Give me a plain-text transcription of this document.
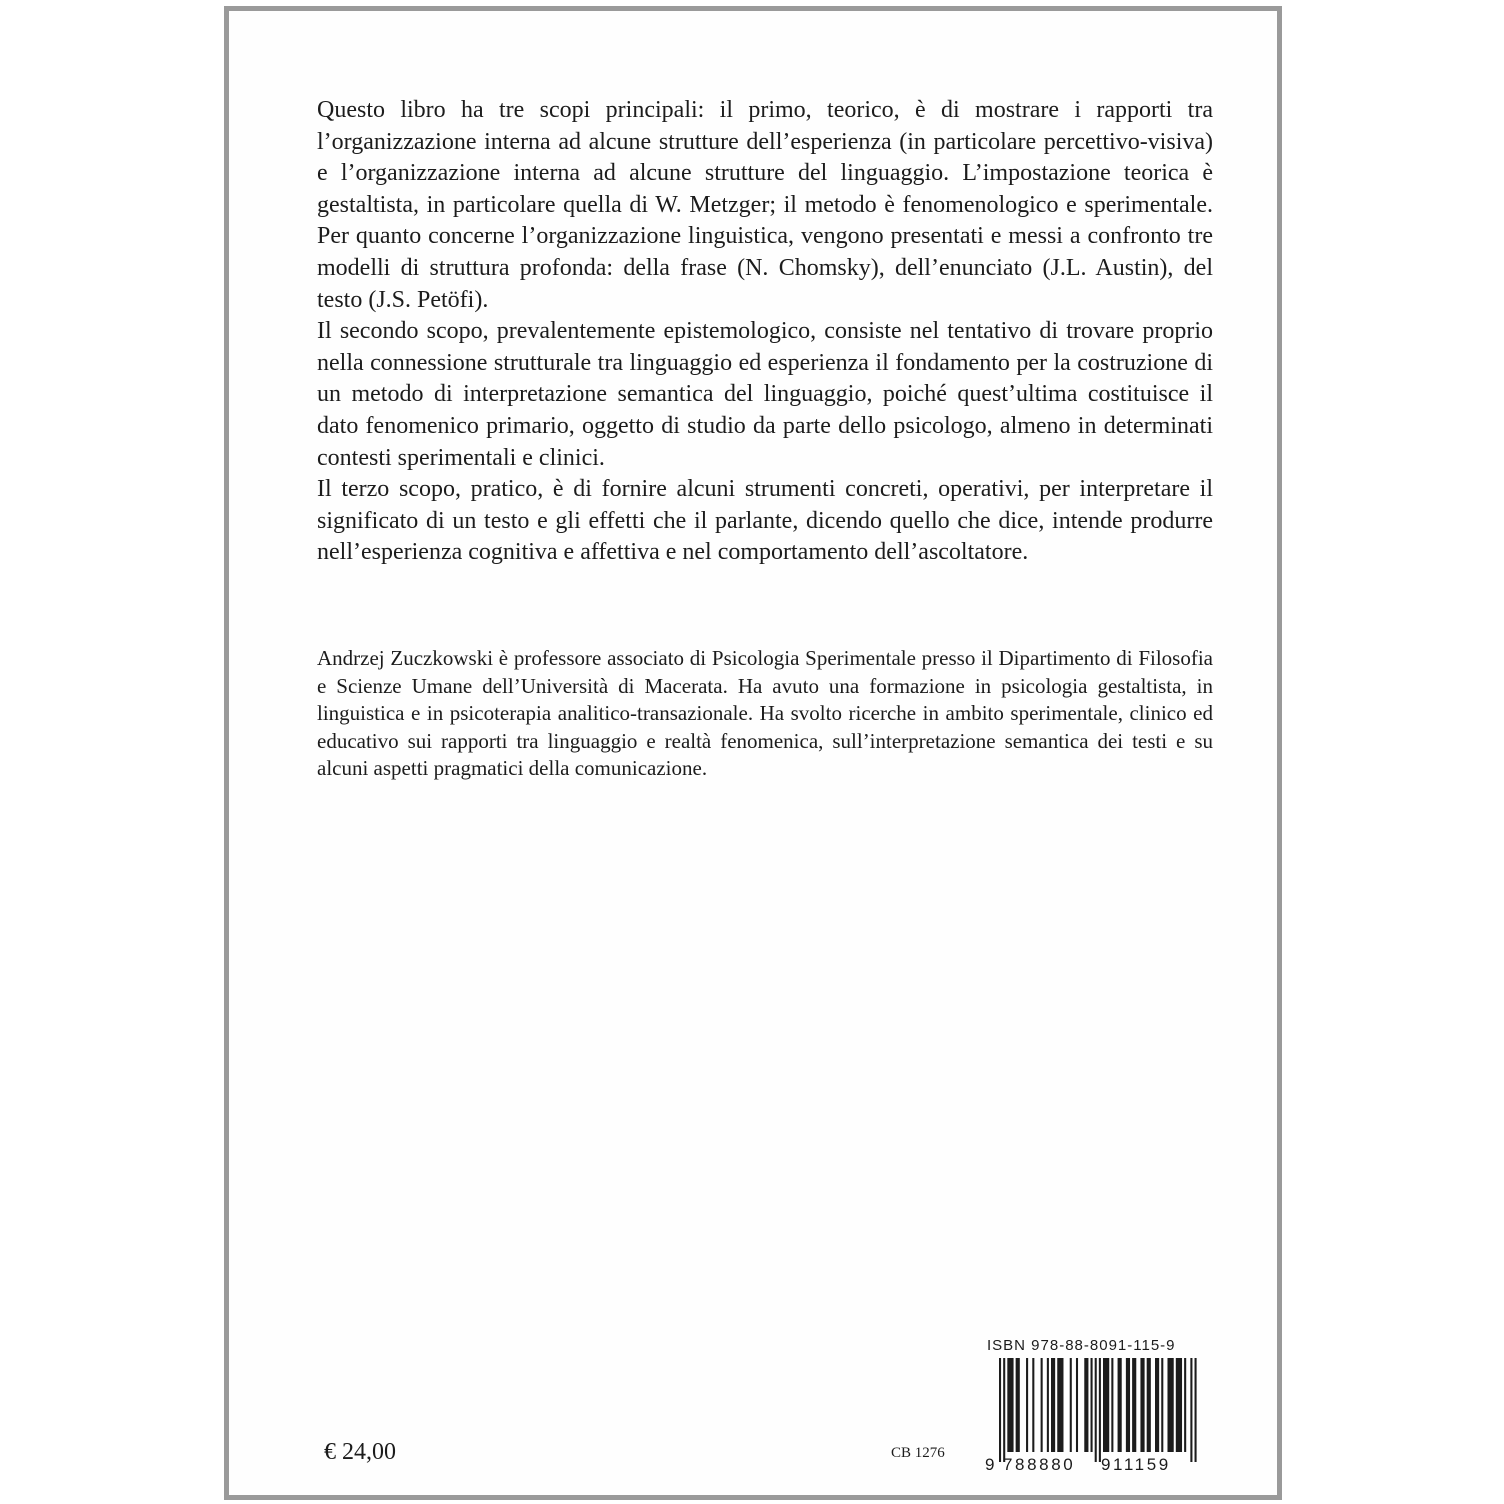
Questo libro ha tre scopi principali: il primo, teorico, è di mostrare i rapporti tra l’organizzazione interna ad alcune strutture dell’esperienza (in particolare percettivo-visiva) e l’organizzazione interna ad alcune strutture del linguaggio. L’impostazione teorica è gestaltista, in particolare quella di W. Metzger; il metodo è fenomenologico e sperimentale. Per quanto concerne l’organizzazione linguistica, vengono presentati e messi a confronto tre modelli di struttura profonda: della frase (N. Chomsky), dell’enunciato (J.L. Austin), del testo (J.S. Petöfi).

Il secondo scopo, prevalentemente epistemologico, consiste nel tentativo di trovare proprio nella connessione strutturale tra linguaggio ed esperienza il fondamento per la costruzione di un metodo di interpretazione semantica del linguaggio, poiché quest’ultima costituisce il dato fenomenico primario, oggetto di studio da parte dello psicologo, almeno in determinati contesti sperimentali e clinici.

Il terzo scopo, pratico, è di fornire alcuni strumenti concreti, operativi, per interpretare il significato di un testo e gli effetti che il parlante, dicendo quello che dice, intende produrre nell’esperienza cognitiva e affettiva e nel comportamento dell’ascoltatore.

Andrzej Zuczkowski è professore associato di Psicologia Sperimentale presso il Dipartimento di Filosofia e Scienze Umane dell’Università di Macerata. Ha avuto una formazione in psicologia gestaltista, in linguistica e in psicoterapia analitico-transazionale. Ha svolto ricerche in ambito sperimentale, clinico ed educativo sui rapporti tra linguaggio e realtà fenomenica, sull’interpretazione semantica dei testi e su alcuni aspetti pragmatici della comunicazione.

€ 24,00	CB 1276
ISBN 978-88-8091-115-9
9 788880 911159
